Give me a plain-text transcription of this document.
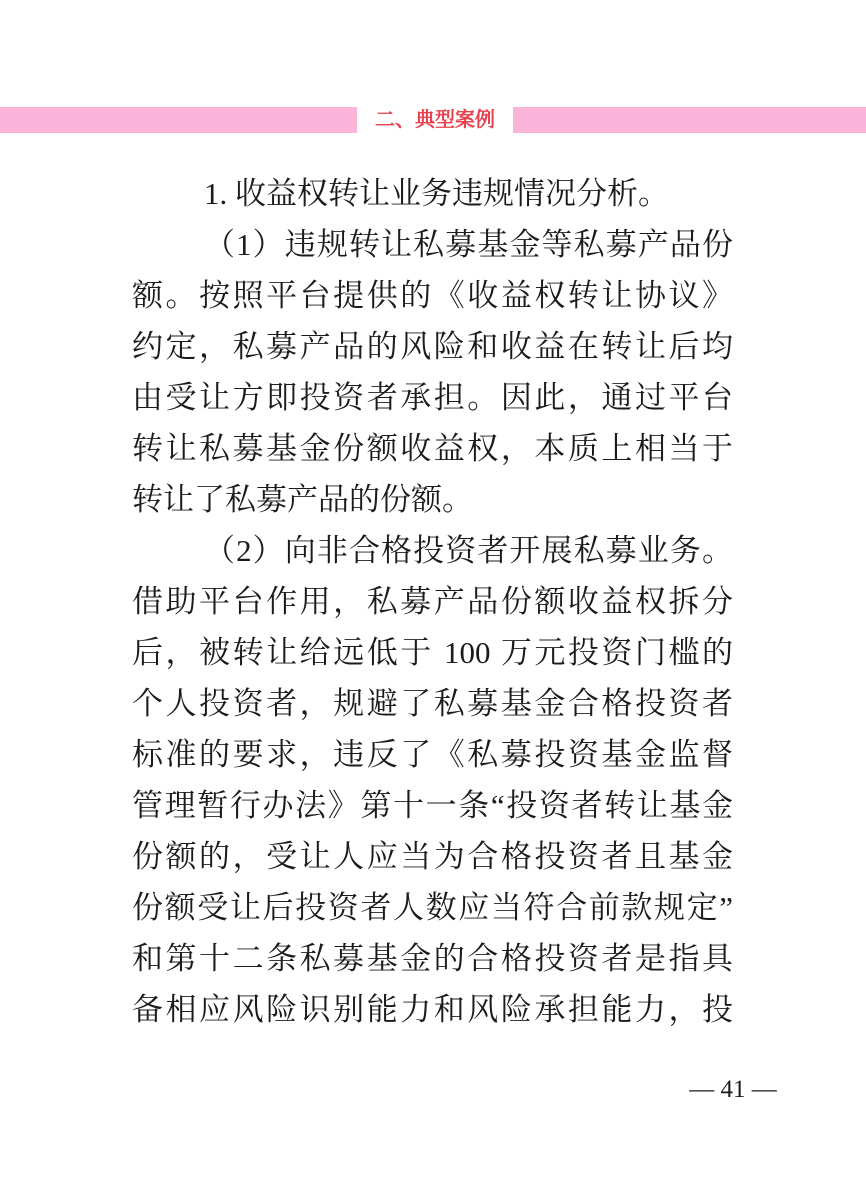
二、典型案例
1. 收益权转让业务违规情况分析。
（1）违规转让私募基金等私募产品份
额。按照平台提供的《收益权转让协议》
约定，私募产品的风险和收益在转让后均
由受让方即投资者承担。因此，通过平台
转让私募基金份额收益权，本质上相当于
转让了私募产品的份额。
（2）向非合格投资者开展私募业务。
借助平台作用，私募产品份额收益权拆分
后，被转让给远低于 100 万元投资门槛的
个人投资者，规避了私募基金合格投资者
标准的要求，违反了《私募投资基金监督
管理暂行办法》第十一条“投资者转让基金
份额的，受让人应当为合格投资者且基金
份额受让后投资者人数应当符合前款规定”
和第十二条私募基金的合格投资者是指具
备相应风险识别能力和风险承担能力，投
— 41 —
